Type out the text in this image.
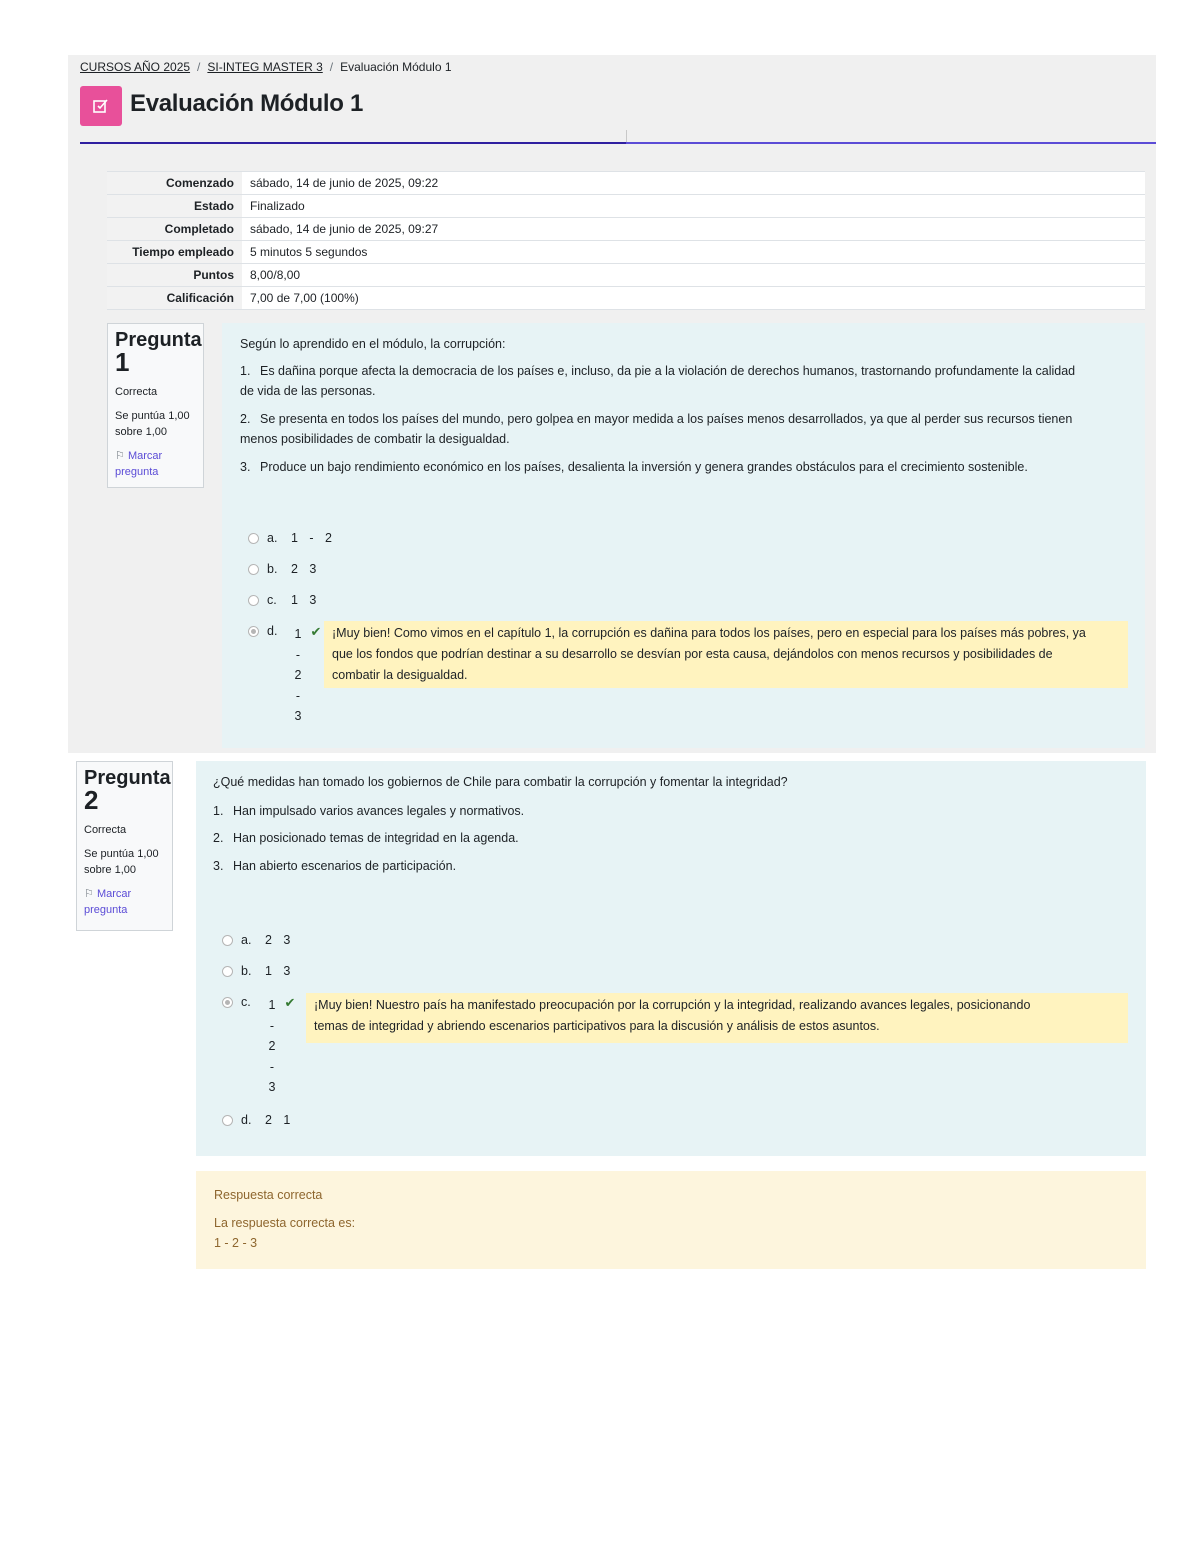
CURSOS AÑO 2025 / SI-INTEG MASTER 3 / Evaluación Módulo 1
Evaluación Módulo 1
Comenzado	sábado, 14 de junio de 2025, 09:22
Estado	Finalizado
Completado	sábado, 14 de junio de 2025, 09:27
Tiempo empleado	5 minutos 5 segundos
Puntos	8,00/8,00
Calificación	7,00 de 7,00 (100%)
Pregunta
1
Correcta
Se puntúa 1,00
sobre 1,00
⚐ Marcar
pregunta
Según lo aprendido en el módulo, la corrupción:
1. Es dañina porque afecta la democracia de los países e, incluso, da pie a la violación de derechos humanos, trastornando profundamente la calidad
de vida de las personas.
2. Se presenta en todos los países del mundo, pero golpea en mayor medida a los países menos desarrollados, ya que al perder sus recursos tienen
menos posibilidades de combatir la desigualdad.
3. Produce un bajo rendimiento económico en los países, desalienta la inversión y genera grandes obstáculos para el crecimiento sostenible.
a.	1 - 2
b.	2 3
c.	1 3
d.	1
-
2
-
3
✔ ¡Muy bien! Como vimos en el capítulo 1, la corrupción es dañina para todos los países, pero en especial para los países más pobres, ya
que los fondos que podrían destinar a su desarrollo se desvían por esta causa, dejándolos con menos recursos y posibilidades de
combatir la desigualdad.
Pregunta
2
Correcta
Se puntúa 1,00
sobre 1,00
⚐ Marcar
pregunta
¿Qué medidas han tomado los gobiernos de Chile para combatir la corrupción y fomentar la integridad?
1. Han impulsado varios avances legales y normativos.
2. Han posicionado temas de integridad en la agenda.
3. Han abierto escenarios de participación.
a.	2 3
b.	1 3
c.	1
-
2
-
3
✔	¡Muy bien! Nuestro país ha manifestado preocupación por la corrupción y la integridad, realizando avances legales, posicionando
temas de integridad y abriendo escenarios participativos para la discusión y análisis de estos asuntos.
d.	2 1
Respuesta correcta
La respuesta correcta es:
1 - 2 - 3
